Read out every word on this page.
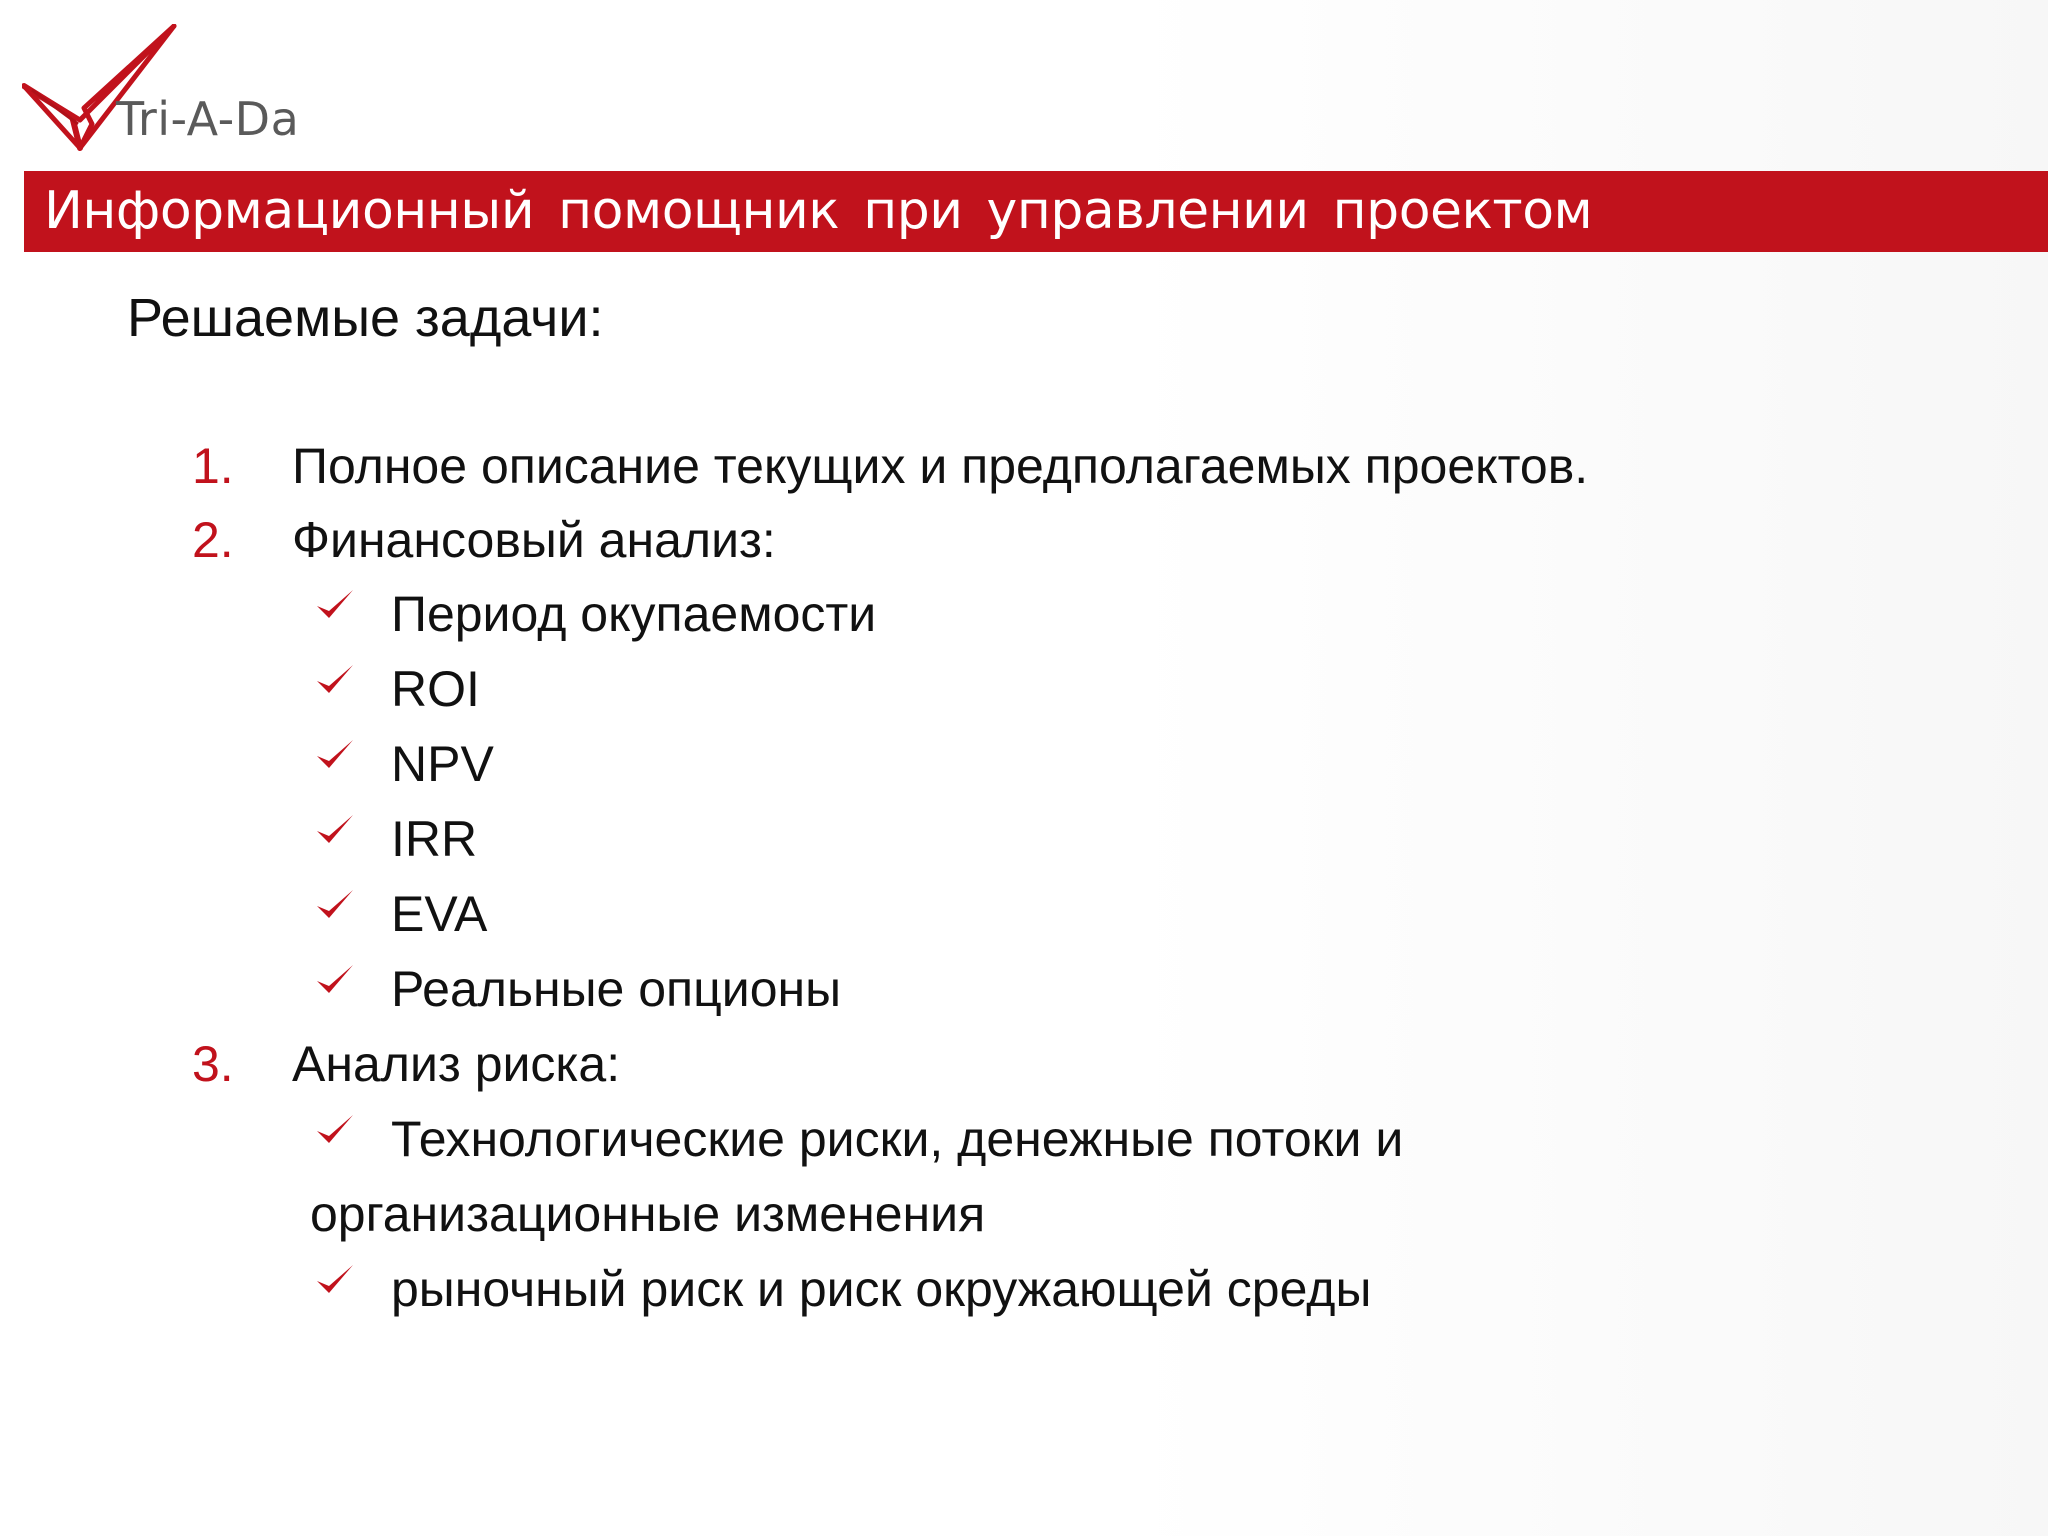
Tri-A-Da
Информационный помощник при управлении проектом
Решаемые задачи:
1. Полное описание текущих и предполагаемых проектов.
2. Финансовый анализ:
Период окупаемости
ROI
NPV
IRR
EVA
Реальные опционы
3. Анализ риска:
Технологические риски, денежные потоки и
организационные изменения
рыночный риск и риск окружающей среды
